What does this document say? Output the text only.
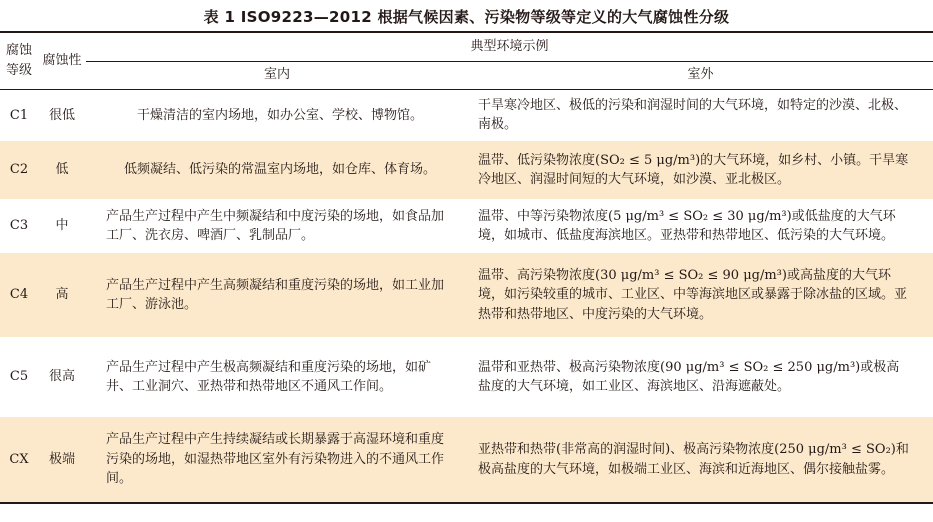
表 1 ISO9223—2012 根据气候因素、污染物等级等定义的大气腐蚀性分级
腐蚀等级	腐蚀性	典型环境示例	
		室内	室外
C1	很低	干燥清洁的室内场地，如办公室、学校、博物馆。	干旱寒冷地区、极低的污染和润湿时间的大气环境，如特定的沙漠、北极、南极。
C2	低	低频凝结、低污染的常温室内场地，如仓库、体育场。	温带、低污染物浓度(SO₂ ≤ 5 μg/m³)的大气环境，如乡村、小镇。干旱寒冷地区、润湿时间短的大气环境，如沙漠、亚北极区。
C3	中	产品生产过程中产生中频凝结和中度污染的场地，如食品加工厂、洗衣房、啤酒厂、乳制品厂。	温带、中等污染物浓度(5 μg/m³ ≤ SO₂ ≤ 30 μg/m³)或低盐度的大气环境，如城市、低盐度海滨地区。亚热带和热带地区、低污染的大气环境。
C4	高	产品生产过程中产生高频凝结和重度污染的场地，如工业加工厂、游泳池。	温带、高污染物浓度(30 μg/m³ ≤ SO₂ ≤ 90 μg/m³)或高盐度的大气环境，如污染较重的城市、工业区、中等海滨地区或暴露于除冰盐的区域。亚热带和热带地区、中度污染的大气环境。
C5	很高	产品生产过程中产生极高频凝结和重度污染的场地，如矿井、工业洞穴、亚热带和热带地区不通风工作间。	温带和亚热带、极高污染物浓度(90 μg/m³ ≤ SO₂ ≤ 250 μg/m³)或极高盐度的大气环境，如工业区、海滨地区、沿海遮蔽处。
CX	极端	产品生产过程中产生持续凝结或长期暴露于高湿环境和重度污染的场地，如湿热带地区室外有污染物进入的不通风工作间。	亚热带和热带(非常高的润湿时间)、极高污染物浓度(250 μg/m³ ≤ SO₂)和极高盐度的大气环境，如极端工业区、海滨和近海地区、偶尔接触盐雾。
